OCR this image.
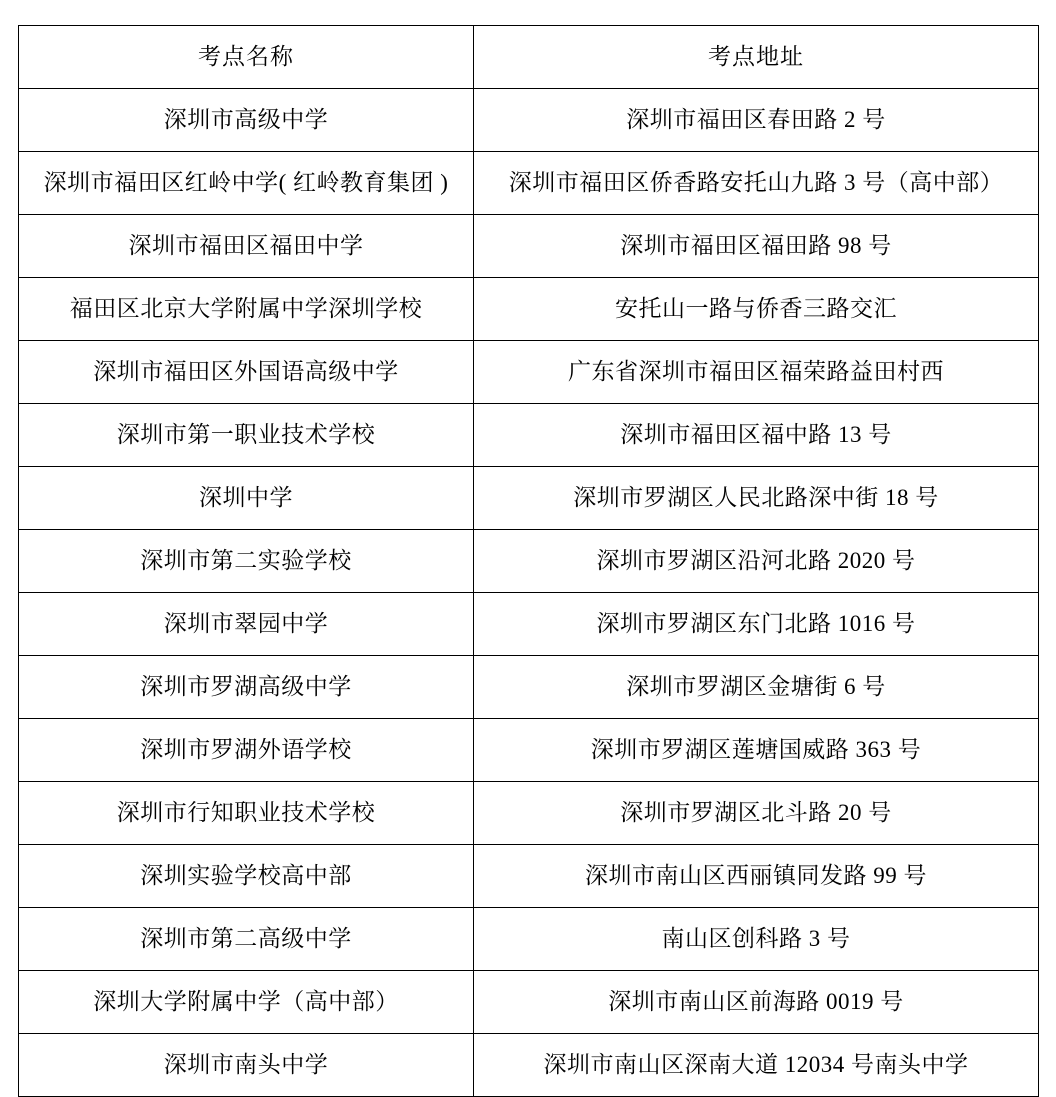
考点名称	考点地址
深圳市高级中学	深圳市福田区春田路 2 号
深圳市福田区红岭中学( 红岭教育集团 )	深圳市福田区侨香路安托山九路 3 号（高中部）
深圳市福田区福田中学	深圳市福田区福田路 98 号
福田区北京大学附属中学深圳学校	安托山一路与侨香三路交汇
深圳市福田区外国语高级中学	广东省深圳市福田区福荣路益田村西
深圳市第一职业技术学校	深圳市福田区福中路 13 号
深圳中学	深圳市罗湖区人民北路深中街 18 号
深圳市第二实验学校	深圳市罗湖区沿河北路 2020 号
深圳市翠园中学	深圳市罗湖区东门北路 1016 号
深圳市罗湖高级中学	深圳市罗湖区金塘街 6 号
深圳市罗湖外语学校	深圳市罗湖区莲塘国威路 363 号
深圳市行知职业技术学校	深圳市罗湖区北斗路 20 号
深圳实验学校高中部	深圳市南山区西丽镇同发路 99 号
深圳市第二高级中学	南山区创科路 3 号
深圳大学附属中学（高中部）	深圳市南山区前海路 0019 号
深圳市南头中学	深圳市南山区深南大道 12034 号南头中学
